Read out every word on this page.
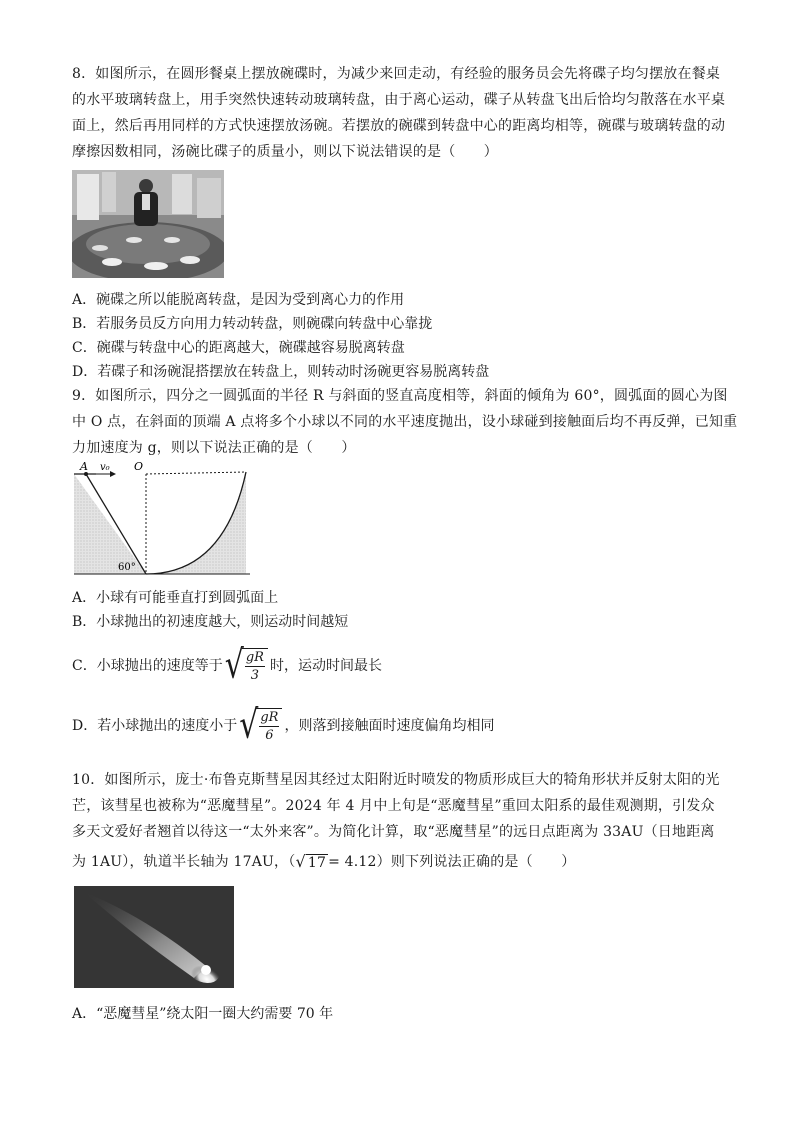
8．如图所示，在圆形餐桌上摆放碗碟时，为减少来回走动，有经验的服务员会先将碟子均匀摆放在餐桌
的水平玻璃转盘上，用手突然快速转动玻璃转盘，由于离心运动，碟子从转盘飞出后恰均匀散落在水平桌
面上，然后再用同样的方式快速摆放汤碗。若摆放的碗碟到转盘中心的距离均相等，碗碟与玻璃转盘的动
摩擦因数相同，汤碗比碟子的质量小，则以下说法错误的是（　　）
A．碗碟之所以能脱离转盘，是因为受到离心力的作用
B．若服务员反方向用力转动转盘，则碗碟向转盘中心靠拢
C．碗碟与转盘中心的距离越大，碗碟越容易脱离转盘
D．若碟子和汤碗混搭摆放在转盘上，则转动时汤碗更容易脱离转盘
9．如图所示，四分之一圆弧面的半径 R 与斜面的竖直高度相等，斜面的倾角为 60°，圆弧面的圆心为图
中 O 点，在斜面的顶端 A 点将多个小球以不同的水平速度抛出，设小球碰到接触面后均不再反弹，已知重
力加速度为 g，则以下说法正确的是（　　）
A v₀ O
60°
A．小球有可能垂直打到圆弧面上
B．小球抛出的初速度越大，则运动时间越短
C．小球抛出的速度等于 √
$\frac{gR}{3}$ 时，运动时间最长
D．若小球抛出的速度小于 √
$\frac{gR}{6}$ ，则落到接触面时速度偏角均相同
10．如图所示，庞士·布鲁克斯彗星因其经过太阳附近时喷发的物质形成巨大的犄角形状并反射太阳的光
芒，该彗星也被称为“恶魔彗星”。2024 年 4 月中上旬是“恶魔彗星”重回太阳系的最佳观测期，引发众
多天文爱好者翘首以待这一“太外来客”。为简化计算，取“恶魔彗星”的远日点距离为 33AU（日地距离
为 1AU），轨道半长轴为 17AU，（ √ 17 = 4.12）则下列说法正确的是（　　）
A．“恶魔彗星”绕太阳一圈大约需要 70 年
